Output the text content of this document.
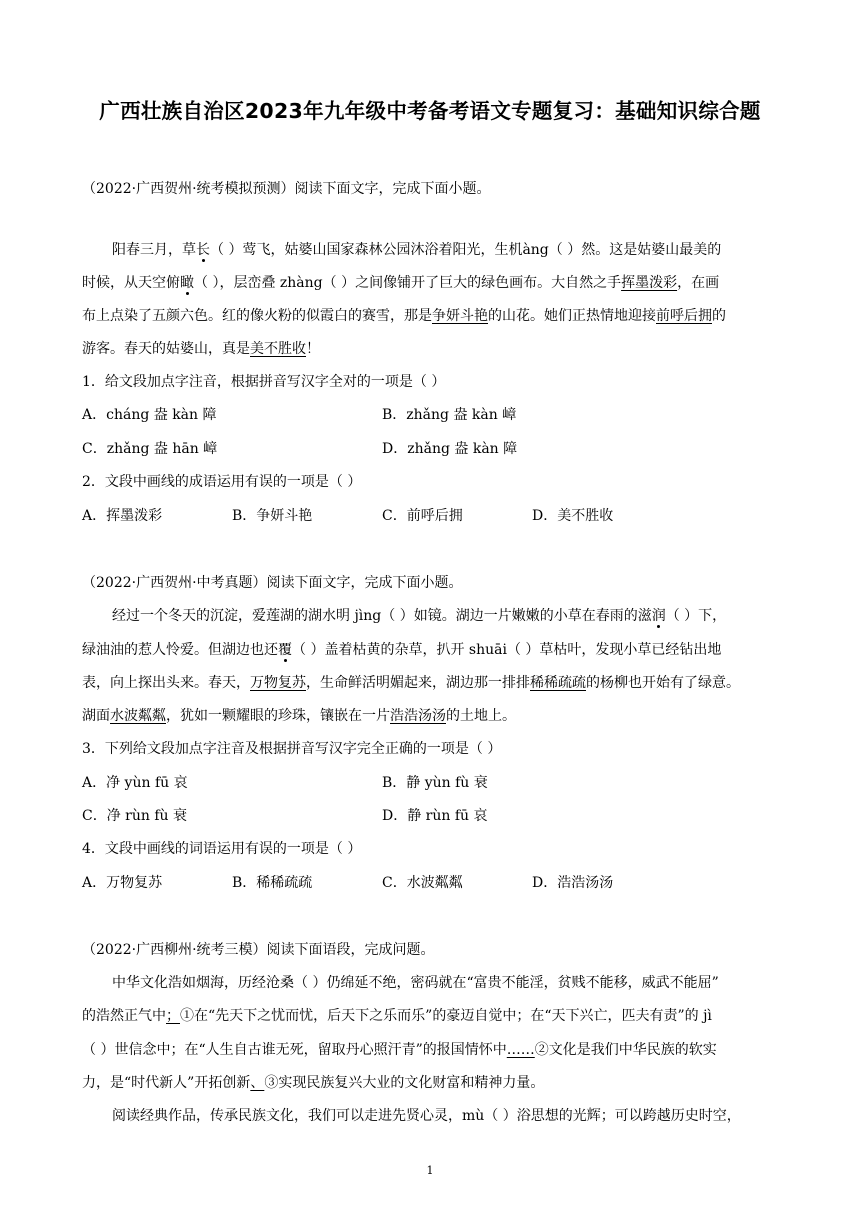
广西壮族自治区2023年九年级中考备考语文专题复习：基础知识综合题
（2022·广西贺州·统考模拟预测）阅读下面文字，完成下面小题。
阳春三月，草长（ ）莺飞，姑婆山国家森林公园沐浴着阳光，生机àng（ ）然。这是姑婆山最美的
时候，从天空俯瞰（ ），层峦叠 zhàng（ ）之间像铺开了巨大的绿色画布。大自然之手挥墨泼彩，在画
布上点染了五颜六色。红的像火粉的似霞白的赛雪，那是争妍斗艳的山花。她们正热情地迎接前呼后拥的
游客。春天的姑婆山，真是美不胜收！
1．给文段加点字注音，根据拼音写汉字全对的一项是（ ）
A．cháng 盎 kàn 障	B．zhǎng 盎 kàn 嶂
C．zhǎng 盎 hān 嶂	D．zhǎng 盎 kàn 障
2．文段中画线的成语运用有误的一项是（ ）
A．挥墨泼彩	B．争妍斗艳	C．前呼后拥	D．美不胜收
（2022·广西贺州·中考真题）阅读下面文字，完成下面小题。
经过一个冬天的沉淀，爱莲湖的湖水明 jìng（ ）如镜。湖边一片嫩嫩的小草在春雨的滋润（ ）下，
绿油油的惹人怜爱。但湖边也还覆（ ）盖着枯黄的杂草，扒开 shuāi（ ）草枯叶，发现小草已经钻出地
表，向上探出头来。春天，万物复苏，生命鲜活明媚起来，湖边那一排排稀稀疏疏的杨柳也开始有了绿意。
湖面水波粼粼，犹如一颗耀眼的珍珠，镶嵌在一片浩浩汤汤的土地上。
3．下列给文段加点字注音及根据拼音写汉字完全正确的一项是（ ）
A．净 yùn fū 哀	B．静 yùn fù 衰
C．净 rùn fù 衰	D．静 rùn fū 哀
4．文段中画线的词语运用有误的一项是（ ）
A．万物复苏	B．稀稀疏疏	C．水波粼粼	D．浩浩汤汤
（2022·广西柳州·统考三模）阅读下面语段，完成问题。
中华文化浩如烟海，历经沧桑（ ）仍绵延不绝，密码就在“富贵不能淫，贫贱不能移，威武不能屈”
的浩然正气中；①在“先天下之忧而忧，后天下之乐而乐”的豪迈自觉中；在“天下兴亡，匹夫有责”的 jì
（ ）世信念中；在“人生自古谁无死，留取丹心照汗青”的报国情怀中……②文化是我们中华民族的软实
力，是“时代新人”开拓创新、③实现民族复兴大业的文化财富和精神力量。
阅读经典作品，传承民族文化，我们可以走进先贤心灵，mù（ ）浴思想的光辉；可以跨越历史时空，
1
